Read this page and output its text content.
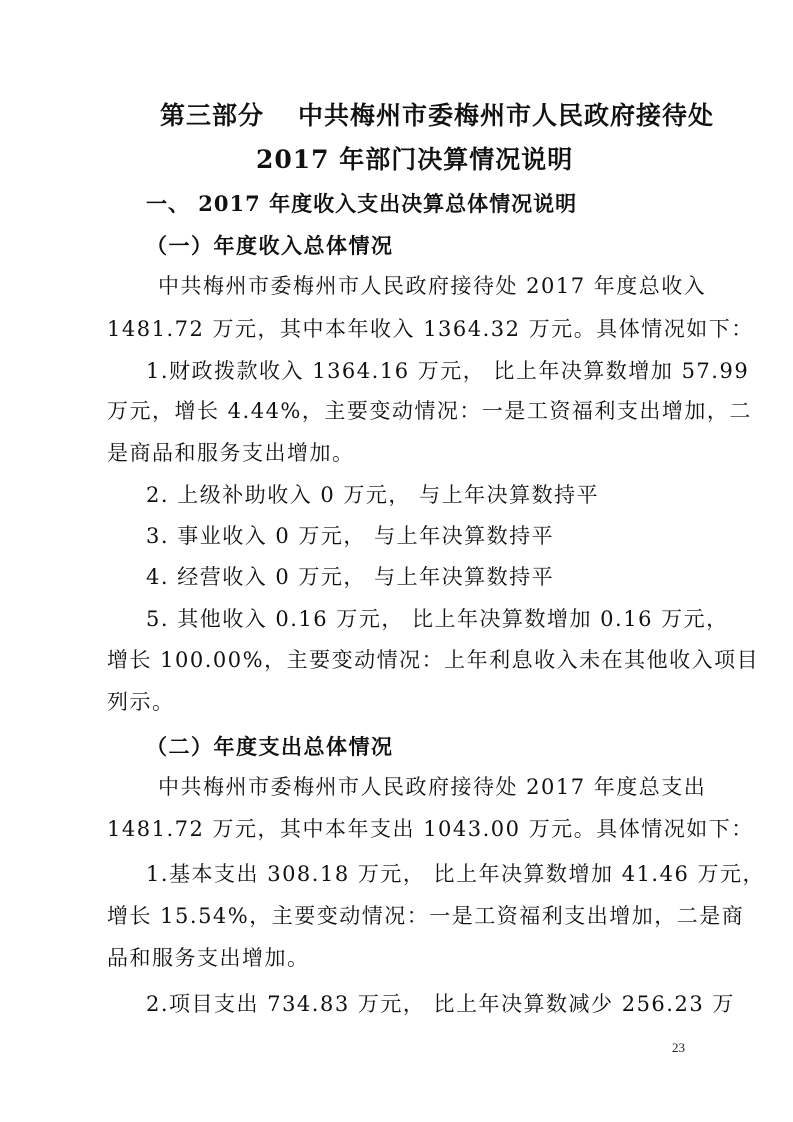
第三部分 中共梅州市委梅州市人民政府接待处
2017 年部门决算情况说明
一、 2017 年度收入支出决算总体情况说明
（一）年度收入总体情况
中共梅州市委梅州市人民政府接待处 2017 年度总收入
1481.72 万元，其中本年收入 1364.32 万元。具体情况如下：
1.财政拨款收入 1364.16 万元， 比上年决算数增加 57.99
万元，增长 4.44%，主要变动情况：一是工资福利支出增加，二
是商品和服务支出增加。
2. 上级补助收入 0 万元， 与上年决算数持平
3. 事业收入 0 万元， 与上年决算数持平
4. 经营收入 0 万元， 与上年决算数持平
5. 其他收入 0.16 万元， 比上年决算数增加 0.16 万元，
增长 100.00%，主要变动情况：上年利息收入未在其他收入项目
列示。
（二）年度支出总体情况
中共梅州市委梅州市人民政府接待处 2017 年度总支出
1481.72 万元，其中本年支出 1043.00 万元。具体情况如下：
1.基本支出 308.18 万元， 比上年决算数增加 41.46 万元，
增长 15.54%，主要变动情况：一是工资福利支出增加，二是商
品和服务支出增加。
2.项目支出 734.83 万元， 比上年决算数减少 256.23 万
23
